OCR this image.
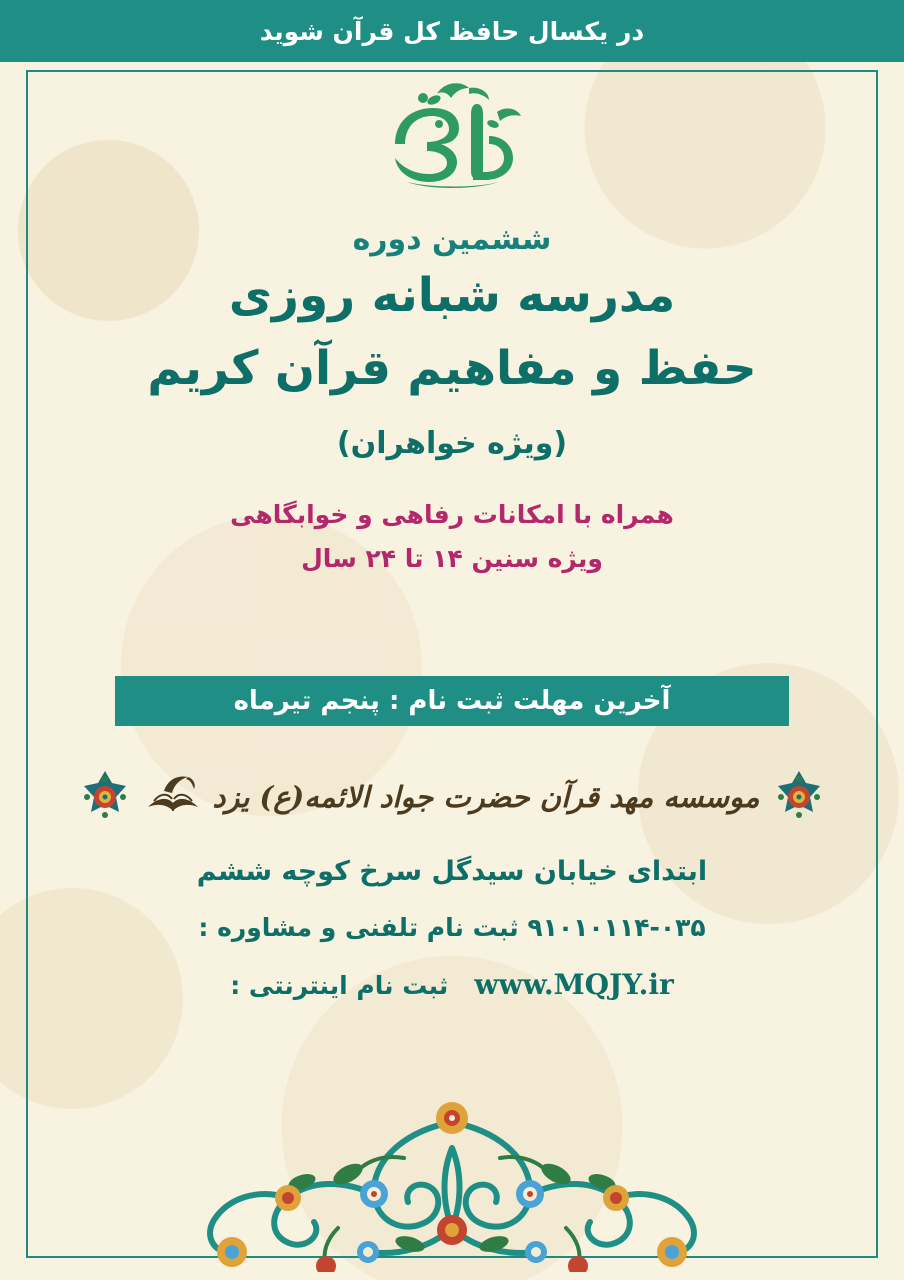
در یکسال حافظ کل قرآن شوید
ششمین دوره
مدرسه شبانه روزی
حفظ و مفاهیم قرآن کریم
(ویژه خواهران)
همراه با امکانات رفاهی و خوابگاهی
ویژه سنین ۱۴ تا ۲۴ سال
آخرین مهلت ثبت نام : پنجم تیرماه
موسسه مهد قرآن حضرت جواد الائمه(ع) یزد
ابتدای خیابان سیدگل سرخ کوچه ششم
۹۱۰۱۰۱۱۴-۰۳۵ ثبت نام تلفنی و مشاوره :
www.MQJY.ir   ثبت نام اینترنتی :
